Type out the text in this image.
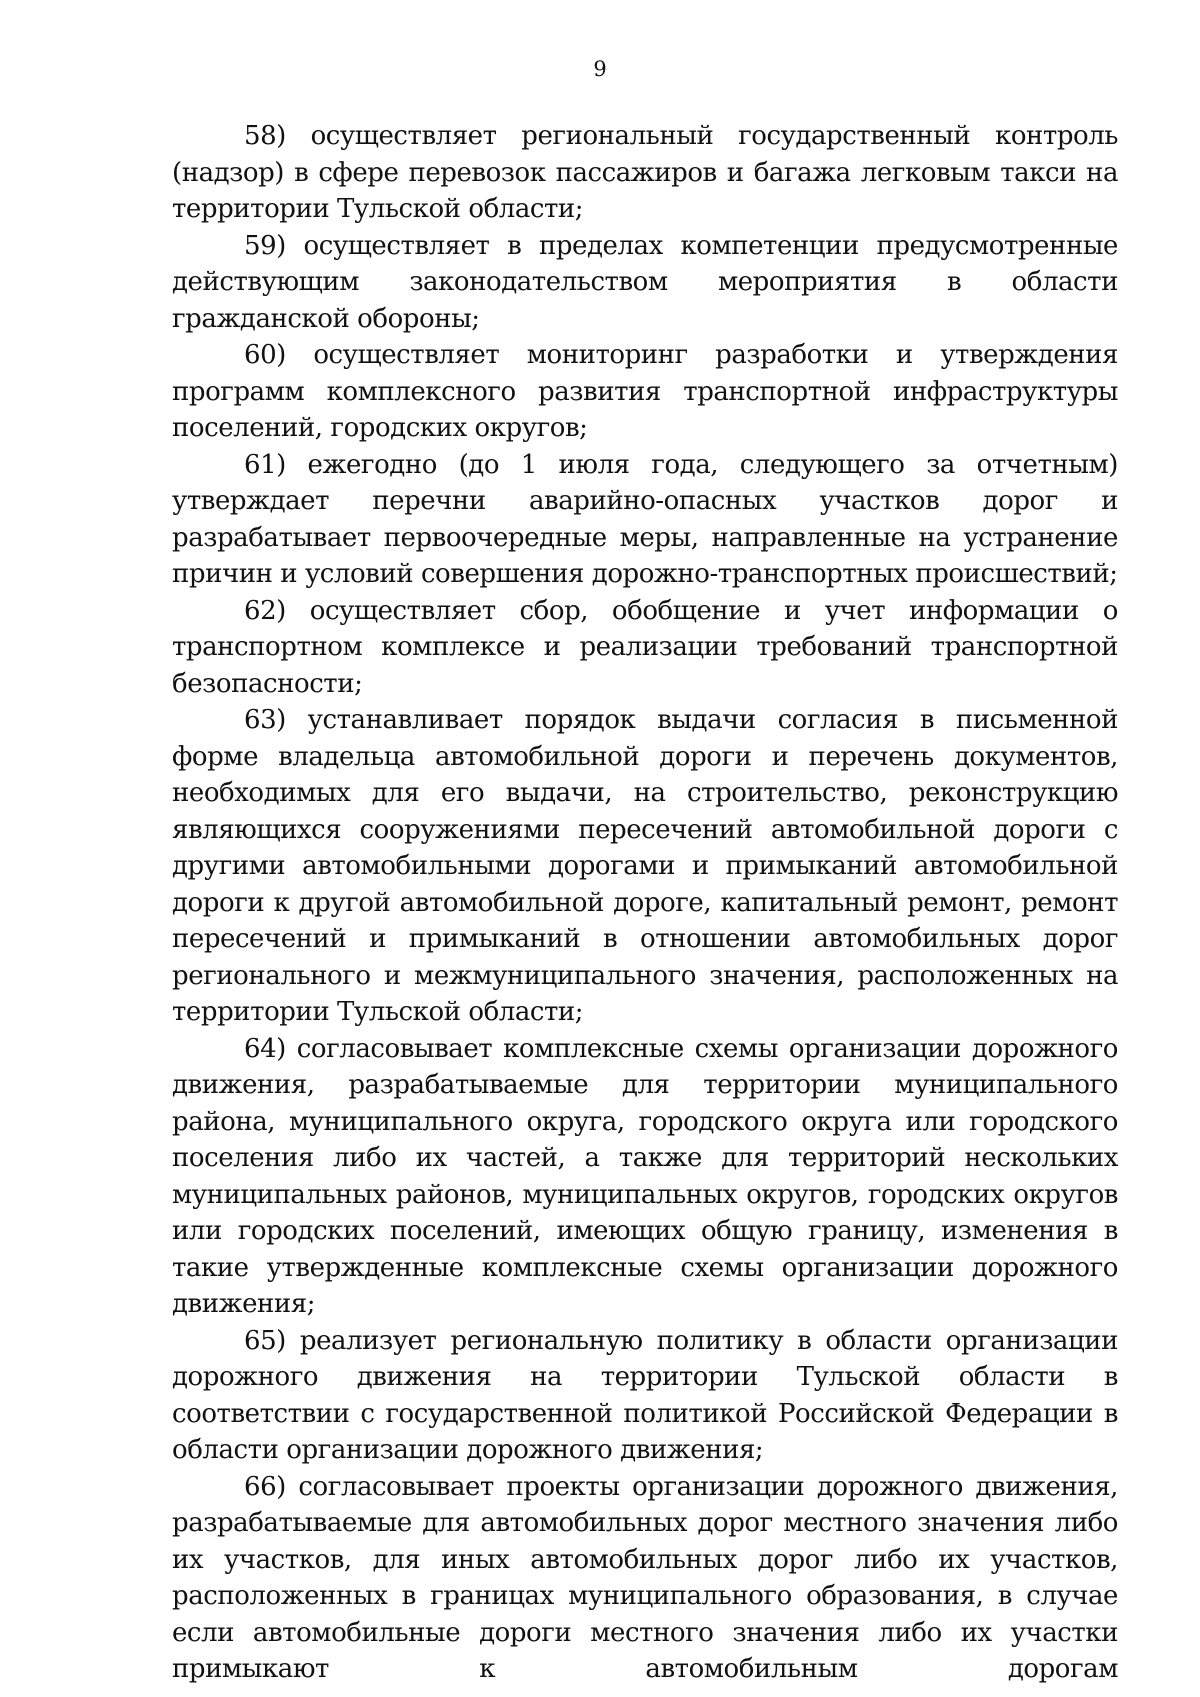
9

58) осуществляет региональный государственный контроль (надзор) в сфере перевозок пассажиров и багажа легковым такси на территории Тульской области;

59) осуществляет в пределах компетенции предусмотренные действующим законодательством мероприятия в области гражданской обороны;

60) осуществляет мониторинг разработки и утверждения программ комплексного развития транспортной инфраструктуры поселений, городских округов;

61) ежегодно (до 1 июля года, следующего за отчетным) утверждает перечни аварийно-опасных участков дорог и разрабатывает первоочередные меры, направленные на устранение причин и условий совершения дорожно-транспортных происшествий;

62) осуществляет сбор, обобщение и учет информации о транспортном комплексе и реализации требований транспортной безопасности;

63) устанавливает порядок выдачи согласия в письменной форме владельца автомобильной дороги и перечень документов, необходимых для его выдачи, на строительство, реконструкцию являющихся сооружениями пересечений автомобильной дороги с другими автомобильными дорогами и примыканий автомобильной дороги к другой автомобильной дороге, капитальный ремонт, ремонт пересечений и примыканий в отношении автомобильных дорог регионального и межмуниципального значения, расположенных на территории Тульской области;

64) согласовывает комплексные схемы организации дорожного движения, разрабатываемые для территории муниципального района, муниципального округа, городского округа или городского поселения либо их частей, а также для территорий нескольких муниципальных районов, муниципальных округов, городских округов или городских поселений, имеющих общую границу, изменения в такие утвержденные комплексные схемы организации дорожного движения;

65) реализует региональную политику в области организации дорожного движения на территории Тульской области в соответствии с государственной политикой Российской Федерации в области организации дорожного движения;

66) согласовывает проекты организации дорожного движения, разрабатываемые для автомобильных дорог местного значения либо их участков, для иных автомобильных дорог либо их участков, расположенных в границах муниципального образования, в случае если автомобильные дороги местного значения либо их участки примыкают к автомобильным дорогам
